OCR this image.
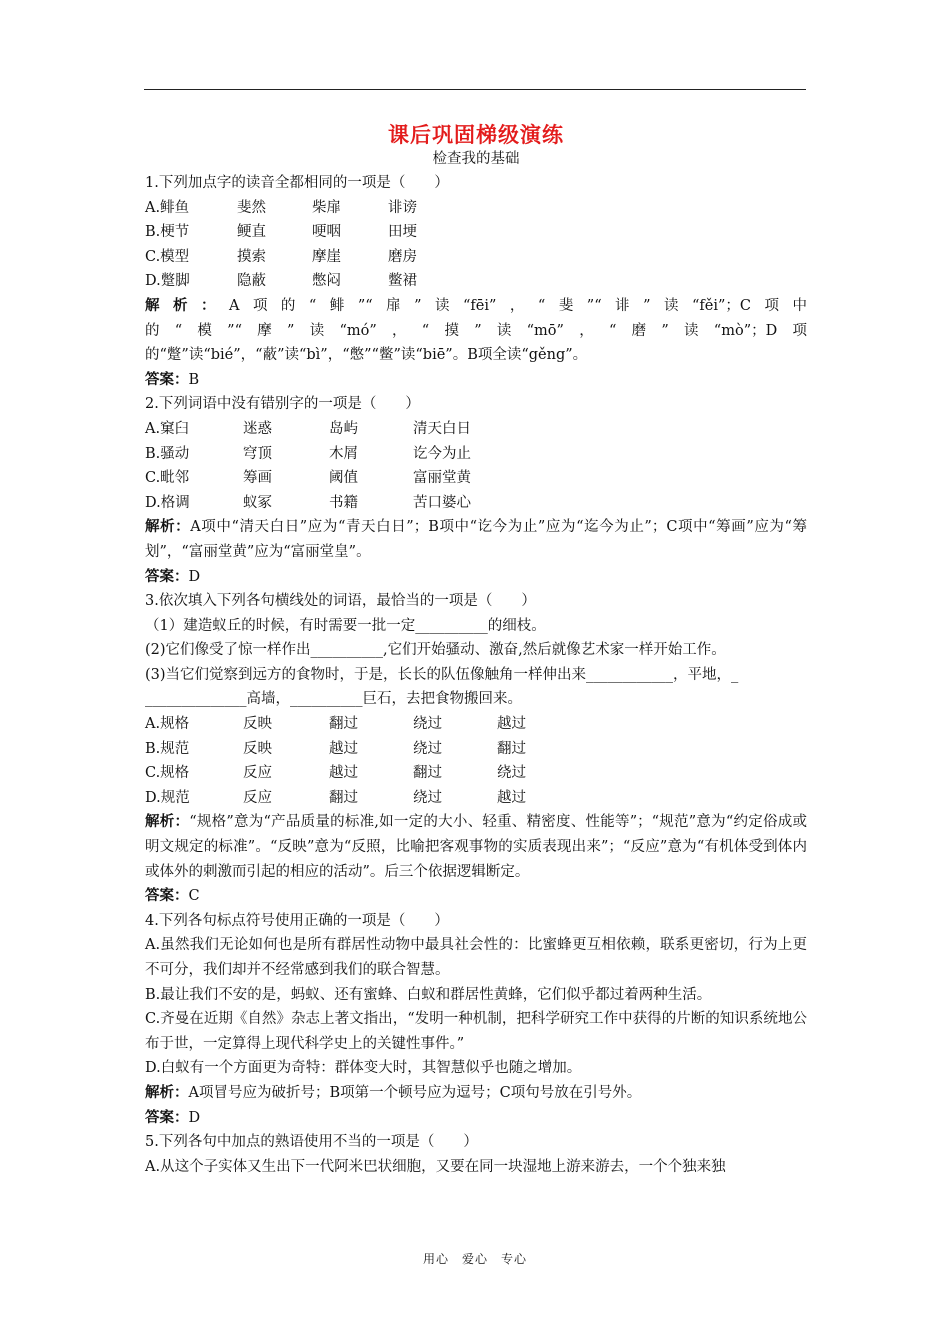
课后巩固梯级演练
检查我的基础
1.下列加点字的读音全都相同的一项是（　　）
A.鲱鱼	斐然	柴扉	诽谤
B.梗节	鲠直	哽咽	田埂
C.模型	摸索	摩崖	磨房
D.蹩脚	隐蔽	憋闷	鳖裙
解析：A项的“鲱”“扉”读“fēi”，“斐”“诽”读“fěi”；C项中的“模”“摩”读“mó”，“摸”读“mō”，“磨”读“mò”；D项的“蹩”读“bié”，“蔽”读“bì”，“憋”“鳖”读“biē”。B项全读“gěng”。
答案：B
2.下列词语中没有错别字的一项是（　　）
A.窠臼	迷惑	岛屿	清天白日
B.骚动	穹顶	木屑	讫今为止
C.毗邻	筹画	阈值	富丽堂黄
D.格调	蚁冢	书籍	苦口婆心
解析：A项中“清天白日”应为“青天白日”；B项中“讫今为止”应为“迄今为止”；C项中“筹画”应为“筹划”，“富丽堂黄”应为“富丽堂皇”。
答案：D
3.依次填入下列各句横线处的词语，最恰当的一项是（　　）
（1）建造蚁丘的时候，有时需要一批一定__________的细枝。
(2)它们像受了惊一样作出__________,它们开始骚动、激奋,然后就像艺术家一样开始工作。
(3)当它们觉察到远方的食物时，于是，长长的队伍像触角一样伸出来____________，平地，_
______________高墙，__________巨石，去把食物搬回来。
A.规格	反映	翻过	绕过	越过
B.规范	反映	越过	绕过	翻过
C.规格	反应	越过	翻过	绕过
D.规范	反应	翻过	绕过	越过
解析：“规格”意为“产品质量的标准,如一定的大小、轻重、精密度、性能等”；“规范”意为“约定俗成或明文规定的标准”。“反映”意为“反照，比喻把客观事物的实质表现出来”；“反应”意为“有机体受到体内或体外的刺激而引起的相应的活动”。后三个依据逻辑断定。
答案：C
4.下列各句标点符号使用正确的一项是（　　）
A.虽然我们无论如何也是所有群居性动物中最具社会性的：比蜜蜂更互相依赖，联系更密切，行为上更不可分，我们却并不经常感到我们的联合智慧。
B.最让我们不安的是，蚂蚁、还有蜜蜂、白蚁和群居性黄蜂，它们似乎都过着两种生活。
C.齐曼在近期《自然》杂志上著文指出，“发明一种机制，把科学研究工作中获得的片断的知识系统地公布于世，一定算得上现代科学史上的关键性事件。”
D.白蚁有一个方面更为奇特：群体变大时，其智慧似乎也随之增加。
解析：A项冒号应为破折号；B项第一个顿号应为逗号；C项句号放在引号外。
答案：D
5.下列各句中加点的熟语使用不当的一项是（　　）
A.从这个子实体又生出下一代阿米巴状细胞，又要在同一块湿地上游来游去，一个个独来独
用心　爱心　专心
